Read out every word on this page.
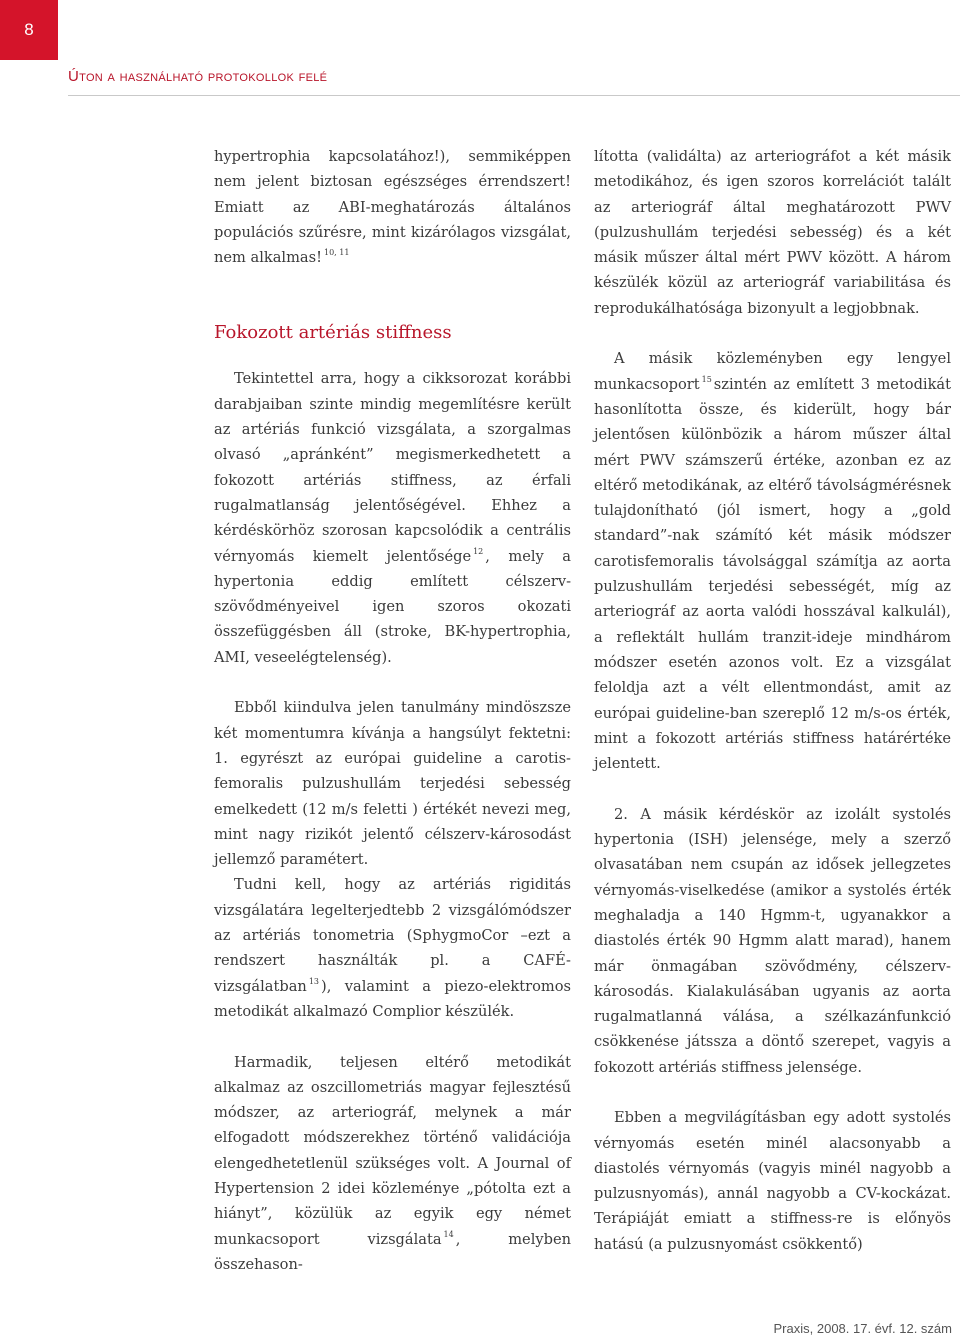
8
Úton a használható protokollok felé

hypertrophia kapcsolatához!), semmiképpen nem jelent biztosan egészséges érrendszert! Emiatt az ABI-meghatározás általános populációs szűrésre, mint kizárólagos vizsgálat, nem alkalmas! $^{10, 11}$

Fokozott artériás stiffness

Tekintettel arra, hogy a cikksorozat korábbi darabjaiban szinte mindig megemlítésre került az artériás funkció vizsgálata, a szorgalmas olvasó „apránként” megismerkedhetett a fokozott artériás stiffness, az érfali rugalmatlanság jelentőségével. Ehhez a kérdéskörhöz szorosan kapcsolódik a centrális vérnyomás kiemelt jelentősége $^{12}$ , mely a hypertonia eddig említett célszerv-szövődményeivel igen szoros okozati összefüggésben áll (stroke, BK-hypertrophia, AMI, veseelégtelenség).

Ebből kiindulva jelen tanulmány mindöszsze két momentumra kívánja a hangsúlyt fektetni: 1. egyrészt az európai guideline a carotis-femoralis pulzushullám terjedési sebesség emelkedett (12 m/s feletti ) értékét nevezi meg, mint nagy rizikót jelentő célszerv-károsodást jellemző paramétert.

Tudni kell, hogy az artériás rigiditás vizsgálatára legelterjedtebb 2 vizsgálómódszer az artériás tonometria (SphygmoCor –ezt a rendszert használták pl. a CAFÉ-vizsgálatban $^{13}$ ), valamint a piezo-elektromos metodikát alkalmazó Complior készülék.

Harmadik, teljesen eltérő metodikát alkalmaz az oszcillometriás magyar fejlesztésű módszer, az arteriográf, melynek a már elfogadott módszerekhez történő validációja elengedhetetlenül szükséges volt. A Journal of Hypertension 2 idei közleménye „pótolta ezt a hiányt”, közülük az egyik egy német munkacsoport vizsgálata $^{14}$ , melyben összehason-

lította (validálta) az arteriográfot a két másik metodikához, és igen szoros korrelációt talált az arteriográf által meghatározott PWV (pulzushullám terjedési sebesség) és a két másik műszer által mért PWV között. A három készülék közül az arteriográf variabilitása és reprodukálhatósága bizonyult a legjobbnak.

A másik közleményben egy lengyel munkacsoport $^{15}$ szintén az említett 3 metodikát hasonlította össze, és kiderült, hogy bár jelentősen különbözik a három műszer által mért PWV számszerű értéke, azonban ez az eltérő metodikának, az eltérő távolságmérésnek tulajdonítható (jól ismert, hogy a „gold standard”-nak számító két másik módszer carotisfemoralis távolsággal számítja az aorta pulzushullám terjedési sebességét, míg az arteriográf az aorta valódi hosszával kalkulál), a reflektált hullám tranzit-ideje mindhárom módszer esetén azonos volt. Ez a vizsgálat feloldja azt a vélt ellentmondást, amit az európai guideline-ban szereplő 12 m/s-os érték, mint a fokozott artériás stiffness határértéke jelentett.

2. A másik kérdéskör az izolált systolés hypertonia (ISH) jelensége, mely a szerző olvasatában nem csupán az idősek jellegzetes vérnyomás-viselkedése (amikor a systolés érték meghaladja a 140 Hgmm-t, ugyanakkor a diastolés érték 90 Hgmm alatt marad), hanem már önmagában szövődmény, célszerv-károsodás. Kialakulásában ugyanis az aorta rugalmatlanná válása, a szélkazánfunkció csökkenése játssza a döntő szerepet, vagyis a fokozott artériás stiffness jelensége.

Ebben a megvilágításban egy adott systolés vérnyomás esetén minél alacsonyabb a diastolés vérnyomás (vagyis minél nagyobb a pulzusnyomás), annál nagyobb a CV-kockázat. Terápiáját emiatt a stiffness-re is előnyös hatású (a pulzusnyomást csökkentő)

Praxis, 2008. 17. évf. 12. szám
